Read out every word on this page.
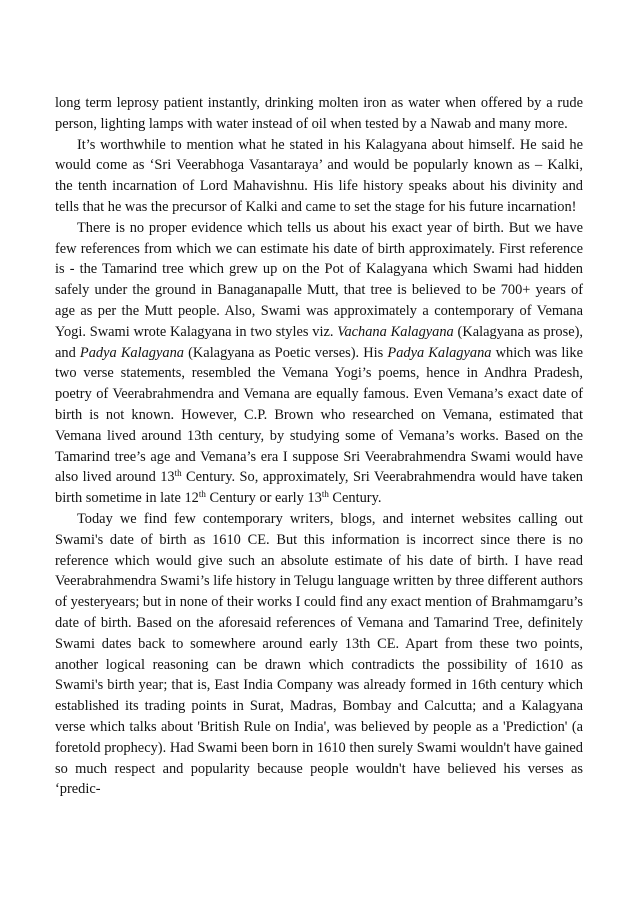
long term leprosy patient instantly, drinking molten iron as water when offered by a rude person, lighting lamps with water instead of oil when tested by a Nawab and many more.

It’s worthwhile to mention what he stated in his Kalagyana about himself. He said he would come as ‘Sri Veerabhoga Vasantaraya’ and would be popularly known as – Kalki, the tenth incarnation of Lord Mahavishnu. His life history speaks about his divinity and tells that he was the precursor of Kalki and came to set the stage for his future incarnation!

There is no proper evidence which tells us about his exact year of birth. But we have few references from which we can estimate his date of birth approximately. First reference is - the Tamarind tree which grew up on the Pot of Kalagyana which Swami had hidden safely under the ground in Banaganapalle Mutt, that tree is believed to be 700+ years of age as per the Mutt people. Also, Swami was approximately a contemporary of Vemana Yogi. Swami wrote Kalagyana in two styles viz. Vachana Kalagyana (Kalagyana as prose), and Padya Kalagyana (Kalagyana as Poetic verses). His Padya Kalagyana which was like two verse statements, resembled the Vemana Yogi’s poems, hence in Andhra Pradesh, poetry of Veerabrahmendra and Vemana are equally famous. Even Vemana’s exact date of birth is not known. However, C.P. Brown who researched on Vemana, estimated that Vemana lived around 13th century, by studying some of Vemana’s works. Based on the Tamarind tree’s age and Vemana’s era I suppose Sri Veerabrahmendra Swami would have also lived around 13th Century. So, approximately, Sri Veerabrahmendra would have taken birth sometime in late 12th Century or early 13th Century.

Today we find few contemporary writers, blogs, and internet websites calling out Swami's date of birth as 1610 CE. But this information is incorrect since there is no reference which would give such an absolute estimate of his date of birth. I have read Veerabrahmendra Swami’s life history in Telugu language written by three different authors of yesteryears; but in none of their works I could find any exact mention of Brahmamgaru’s date of birth. Based on the aforesaid references of Vemana and Tamarind Tree, definitely Swami dates back to somewhere around early 13th CE. Apart from these two points, another logical reasoning can be drawn which contradicts the possibility of 1610 as Swami's birth year; that is, East India Company was already formed in 16th century which established its trading points in Surat, Madras, Bombay and Calcutta; and a Kalagyana verse which talks about 'British Rule on India', was believed by people as a 'Prediction' (a foretold prophecy). Had Swami been born in 1610 then surely Swami wouldn't have gained so much respect and popularity because people wouldn't have believed his verses as ‘predic-
